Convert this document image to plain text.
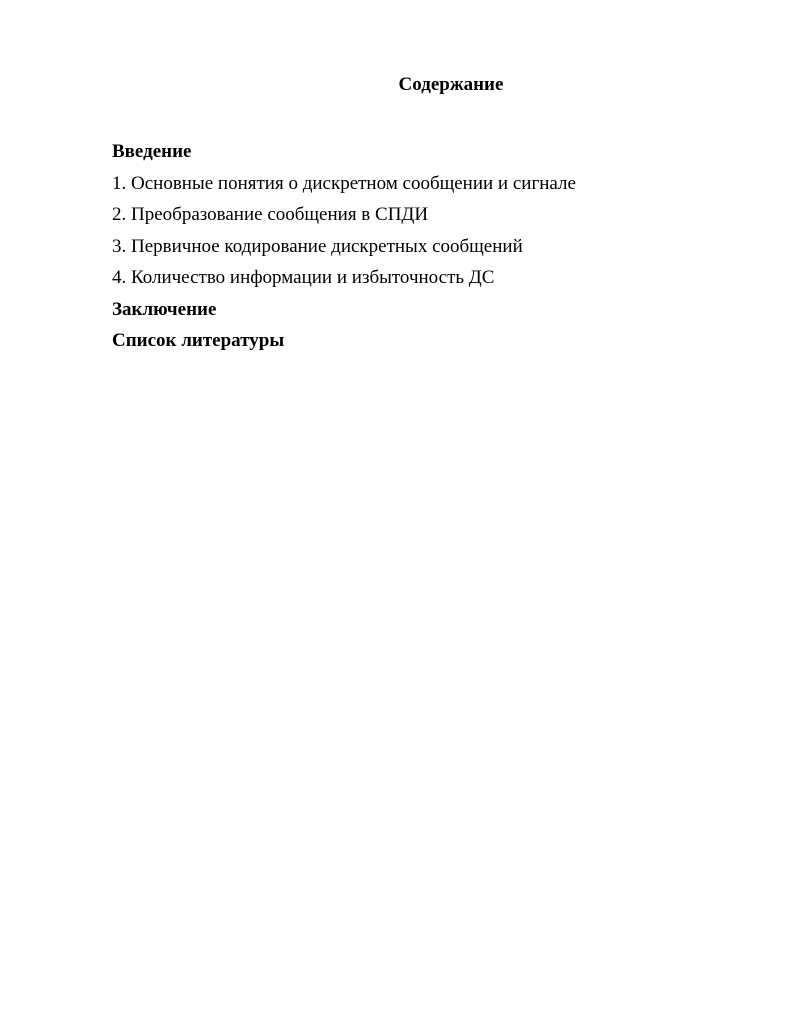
Содержание
Введение
1. Основные понятия о дискретном сообщении и сигнале
2. Преобразование сообщения в СПДИ
3. Первичное кодирование дискретных сообщений
4. Количество информации и избыточность ДС
Заключение
Список литературы
